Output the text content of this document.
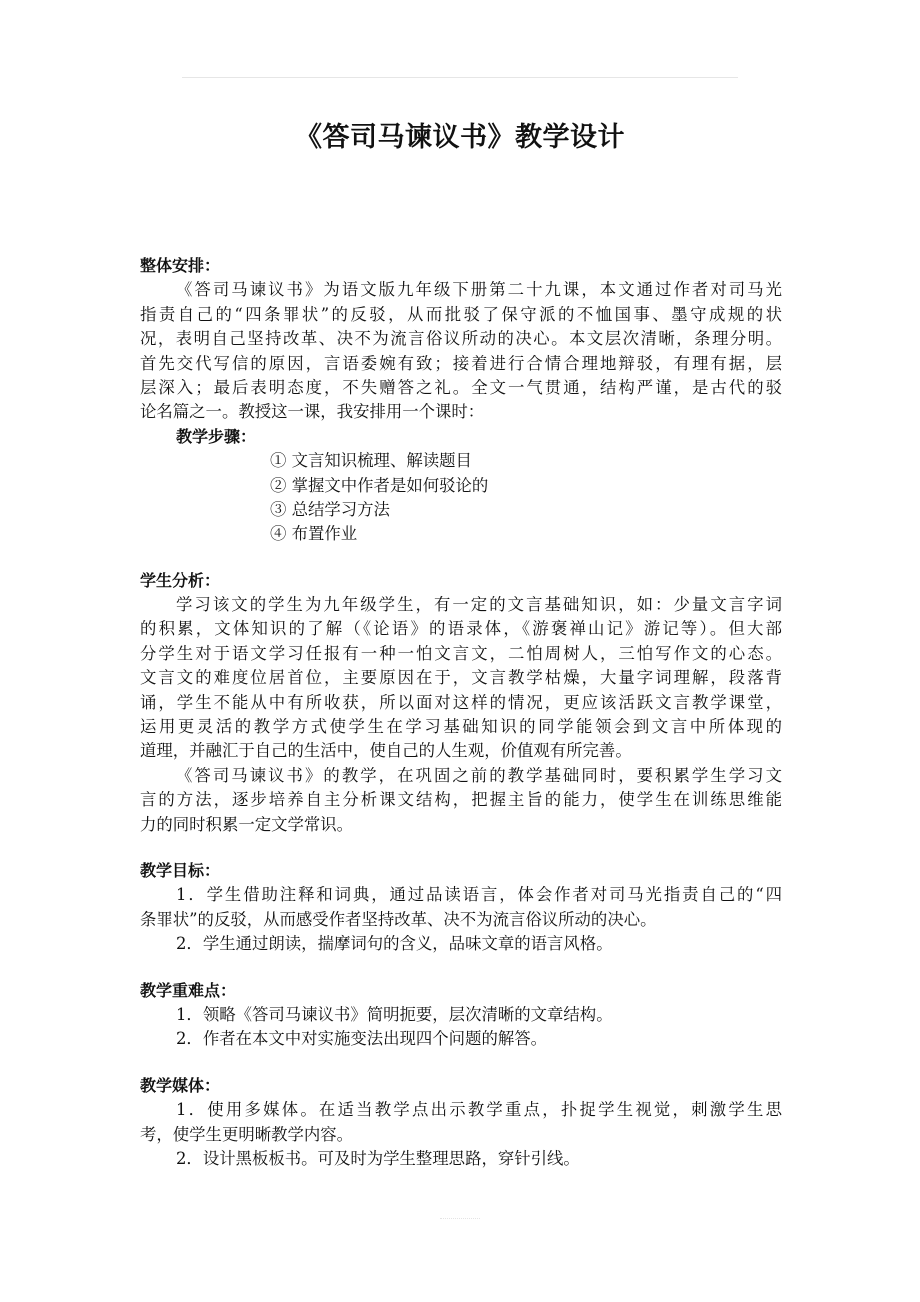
《答司马谏议书》教学设计
整体安排：
《答司马谏议书》为语文版九年级下册第二十九课，本文通过作者对司马光
指责自己的“四条罪状”的反驳，从而批驳了保守派的不恤国事、墨守成规的状
况，表明自己坚持改革、决不为流言俗议所动的决心。本文层次清晰，条理分明。
首先交代写信的原因，言语委婉有致；接着进行合情合理地辩驳，有理有据，层
层深入；最后表明态度，不失赠答之礼。全文一气贯通，结构严谨，是古代的驳
论名篇之一。教授这一课，我安排用一个课时：
教学步骤：
① 文言知识梳理、解读题目
② 掌握文中作者是如何驳论的
③ 总结学习方法
④ 布置作业
学生分析：
学习该文的学生为九年级学生，有一定的文言基础知识，如：少量文言字词
的积累，文体知识的了解（《论语》的语录体，《游褒禅山记》游记等）。但大部
分学生对于语文学习任报有一种一怕文言文，二怕周树人，三怕写作文的心态。
文言文的难度位居首位，主要原因在于，文言教学枯燥，大量字词理解，段落背
诵，学生不能从中有所收获，所以面对这样的情况，更应该活跃文言教学课堂，
运用更灵活的教学方式使学生在学习基础知识的同学能领会到文言中所体现的
道理，并融汇于自己的生活中，使自己的人生观，价值观有所完善。
《答司马谏议书》的教学，在巩固之前的教学基础同时，要积累学生学习文
言的方法，逐步培养自主分析课文结构，把握主旨的能力，使学生在训练思维能
力的同时积累一定文学常识。
教学目标：
1．学生借助注释和词典，通过品读语言，体会作者对司马光指责自己的“四
条罪状”的反驳，从而感受作者坚持改革、决不为流言俗议所动的决心。
2．学生通过朗读，揣摩词句的含义，品味文章的语言风格。
教学重难点：
1．领略《答司马谏议书》简明扼要，层次清晰的文章结构。
2．作者在本文中对实施变法出现四个问题的解答。
教学媒体：
1．使用多媒体。在适当教学点出示教学重点，扑捉学生视觉，刺激学生思
考，使学生更明晰教学内容。
2．设计黑板板书。可及时为学生整理思路，穿针引线。
